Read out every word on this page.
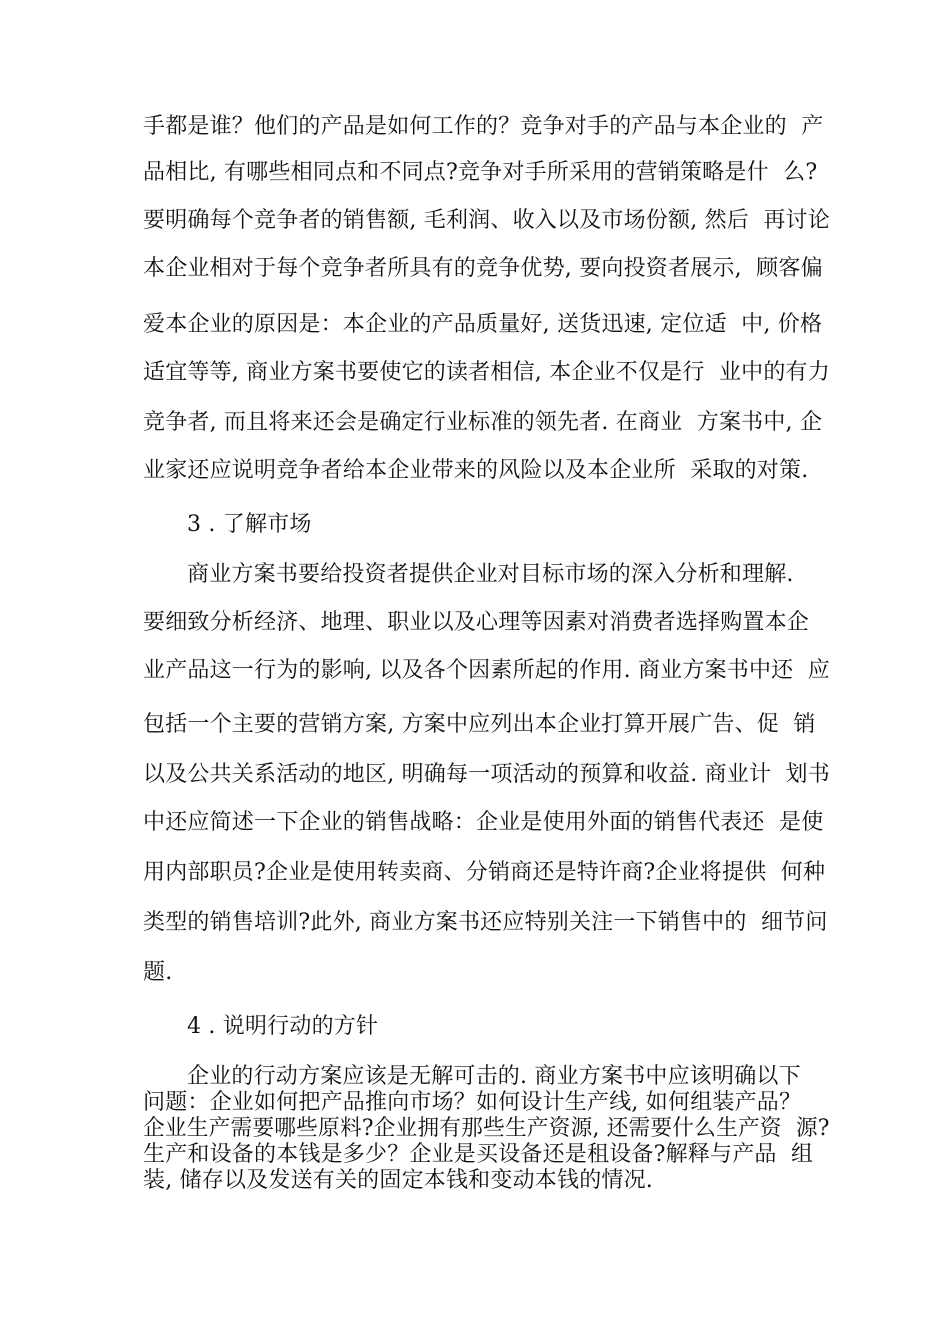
手都是谁？他们的产品是如何工作的？竞争对手的产品与本企业的  产
品相比, 有哪些相同点和不同点?竞争对手所采用的营销策略是什  么?
要明确每个竞争者的销售额, 毛利润、收入以及市场份额, 然后  再讨论
本企业相对于每个竞争者所具有的竞争优势, 要向投资者展示,  顾客偏
爱本企业的原因是：本企业的产品质量好, 送货迅速, 定位适  中, 价格
适宜等等, 商业方案书要使它的读者相信, 本企业不仅是行  业中的有力
竞争者, 而且将来还会是确定行业标准的领先者. 在商业  方案书中, 企
业家还应说明竞争者给本企业带来的风险以及本企业所  采取的对策.
3 . 了解市场
商业方案书要给投资者提供企业对目标市场的深入分析和理解.
要细致分析经济、地理、职业以及心理等因素对消费者选择购置本企
业产品这一行为的影响, 以及各个因素所起的作用. 商业方案书中还  应
包括一个主要的营销方案, 方案中应列出本企业打算开展广告、促  销
以及公共关系活动的地区, 明确每一项活动的预算和收益. 商业计  划书
中还应简述一下企业的销售战略：企业是使用外面的销售代表还  是使
用内部职员?企业是使用转卖商、分销商还是特许商?企业将提供  何种
类型的销售培训?此外, 商业方案书还应特别关注一下销售中的  细节问
题.
4 . 说明行动的方针
企业的行动方案应该是无解可击的. 商业方案书中应该明确以下
问题：企业如何把产品推向市场？如何设计生产线, 如何组装产品？
企业生产需要哪些原料?企业拥有那些生产资源, 还需要什么生产资  源?
生产和设备的本钱是多少？企业是买设备还是租设备?解释与产品  组
装, 储存以及发送有关的固定本钱和变动本钱的情况.
